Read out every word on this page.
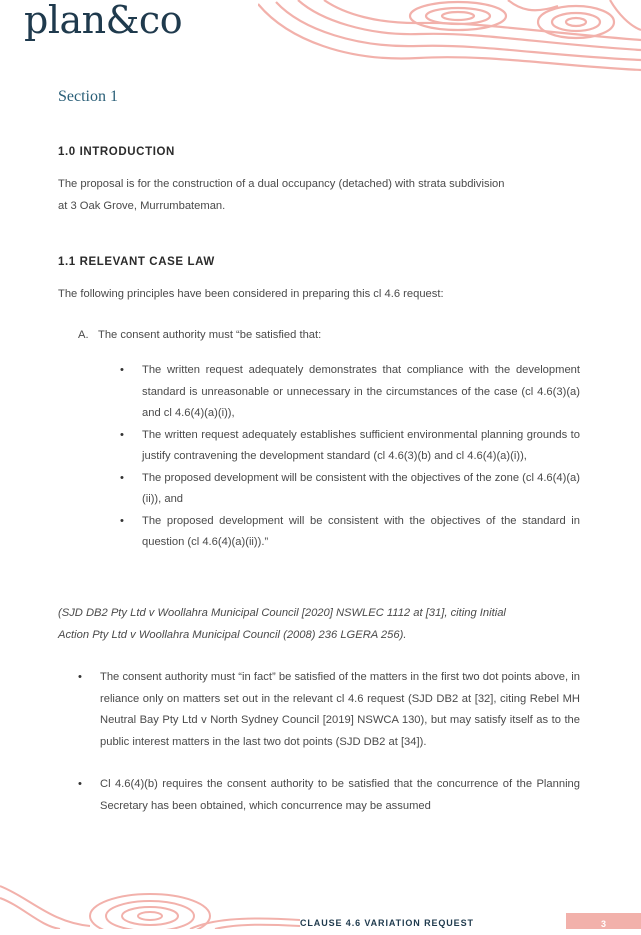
plan&co
Section 1
1.0 INTRODUCTION
The proposal is for the construction of a dual occupancy (detached) with strata subdivision
at 3 Oak Grove, Murrumbateman.
1.1 RELEVANT CASE LAW
The following principles have been considered in preparing this cl 4.6 request:
A. The consent authority must “be satisfied that:
• The written request adequately demonstrates that compliance with the development standard is unreasonable or unnecessary in the circumstances of the case (cl 4.6(3)(a) and cl 4.6(4)(a)(i)),
• The written request adequately establishes sufficient environmental planning grounds to justify contravening the development standard (cl 4.6(3)(b) and cl 4.6(4)(a)(i)),
• The proposed development will be consistent with the objectives of the zone (cl 4.6(4)(a)(ii)), and
• The proposed development will be consistent with the objectives of the standard in question (cl 4.6(4)(a)(ii)).”
(SJD DB2 Pty Ltd v Woollahra Municipal Council [2020] NSWLEC 1112 at [31], citing Initial
Action Pty Ltd v Woollahra Municipal Council (2008) 236 LGERA 256).
• The consent authority must “in fact” be satisfied of the matters in the first two dot points above, in reliance only on matters set out in the relevant cl 4.6 request (SJD DB2 at [32], citing Rebel MH Neutral Bay Pty Ltd v North Sydney Council [2019] NSWCA 130), but may satisfy itself as to the public interest matters in the last two dot points (SJD DB2 at [34]).
• Cl 4.6(4)(b) requires the consent authority to be satisfied that the concurrence of the Planning Secretary has been obtained, which concurrence may be assumed
CLAUSE 4.6 VARIATION REQUEST	3
